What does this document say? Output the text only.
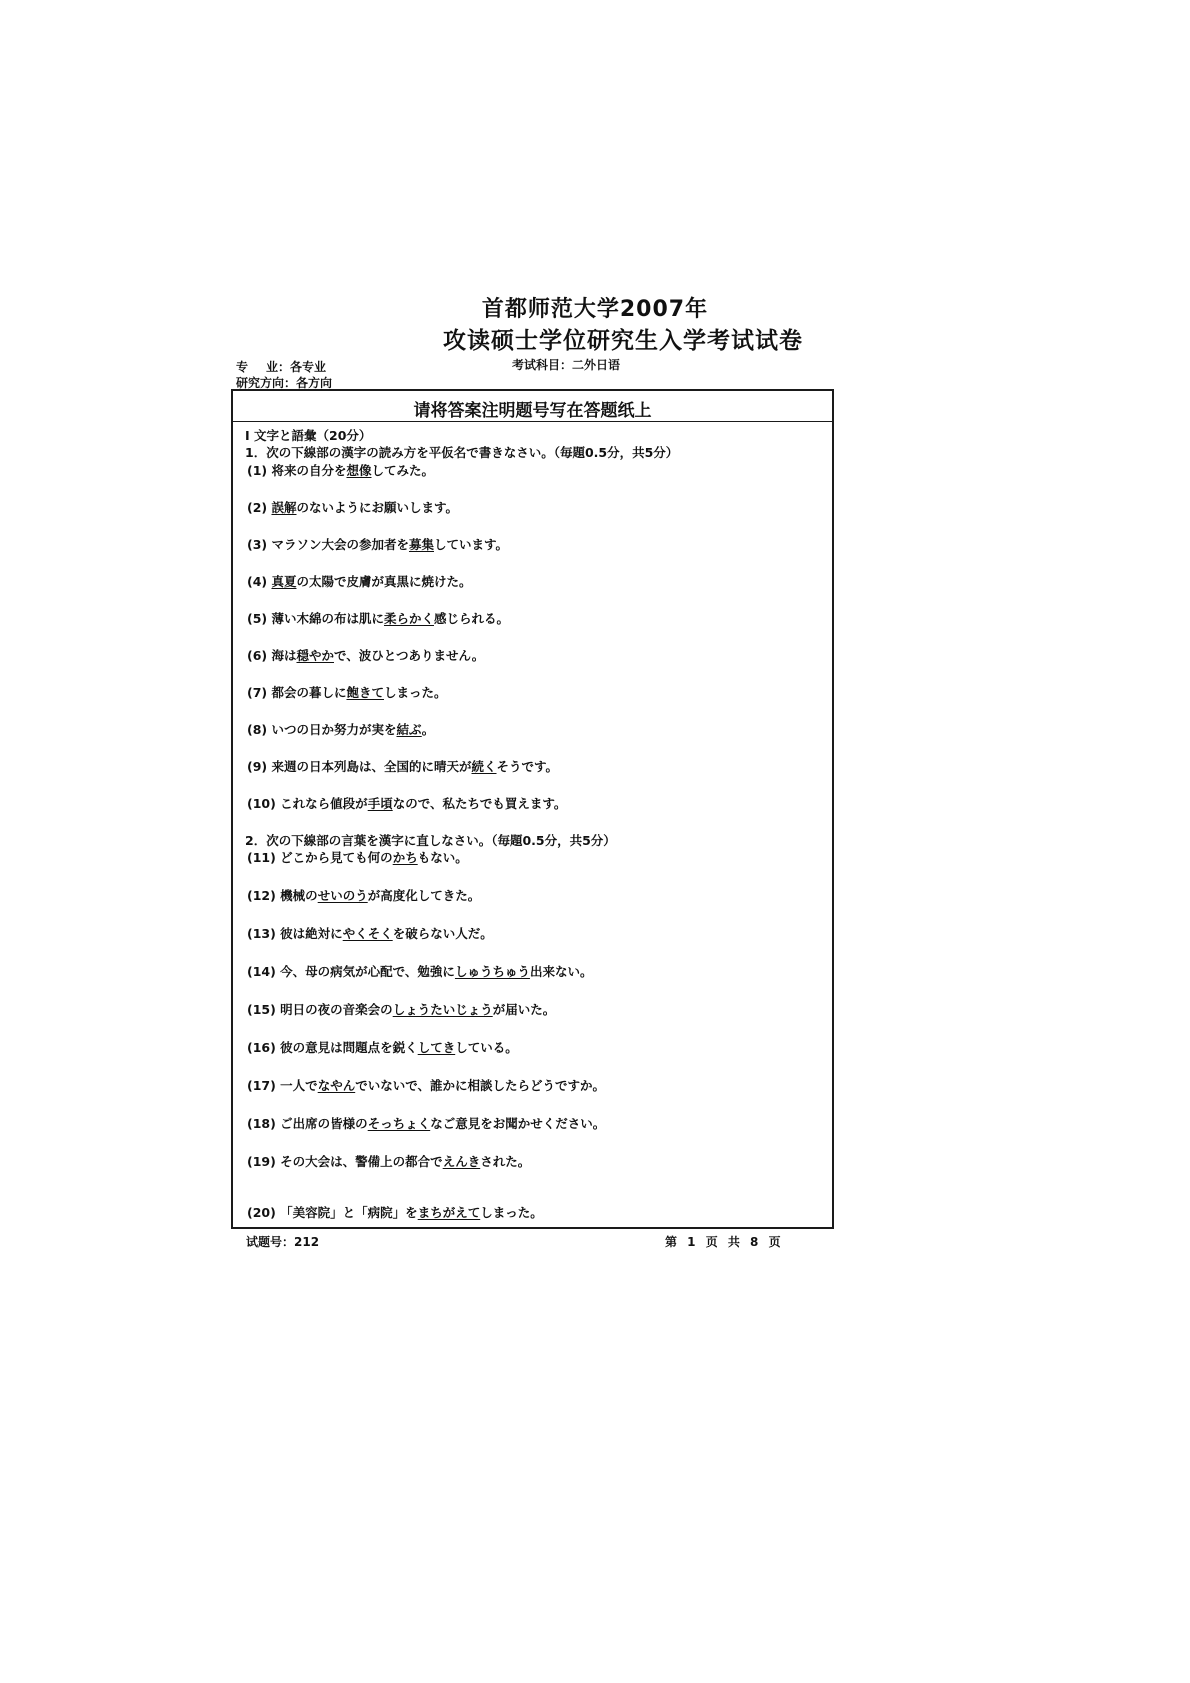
首都师范大学2007年
攻读硕士学位研究生入学考试试卷
专 业：各专业
研究方向：各方向
考试科目：二外日语
请将答案注明题号写在答题纸上
Ⅰ 文字と語彙（20分）
1．次の下線部の漢字の読み方を平仮名で書きなさい。（毎題0.5分，共5分）
(1) 将来の自分を想像してみた。
(2) 誤解のないようにお願いします。
(3) マラソン大会の参加者を募集しています。
(4) 真夏の太陽で皮膚が真黒に焼けた。
(5) 薄い木綿の布は肌に柔らかく感じられる。
(6) 海は穏やかで、波ひとつありません。
(7) 都会の暮しに飽きてしまった。
(8) いつの日か努力が実を結ぶ。
(9) 来週の日本列島は、全国的に晴天が続くそうです。
(10) これなら値段が手頃なので、私たちでも買えます。
2．次の下線部の言葉を漢字に直しなさい。（毎題0.5分，共5分）
(11) どこから見ても何のかちもない。
(12) 機械のせいのうが高度化してきた。
(13) 彼は絶対にやくそくを破らない人だ。
(14) 今、母の病気が心配で、勉強にしゅうちゅう出来ない。
(15) 明日の夜の音楽会のしょうたいじょうが届いた。
(16) 彼の意見は問題点を鋭くしてきしている。
(17) 一人でなやんでいないで、誰かに相談したらどうですか。
(18) ご出席の皆様のそっちょくなご意見をお聞かせください。
(19) その大会は、警備上の都合でえんきされた。
(20) 「美容院」と「病院」をまちがえてしまった。
试题号：212	第 1 页 共 8 页
